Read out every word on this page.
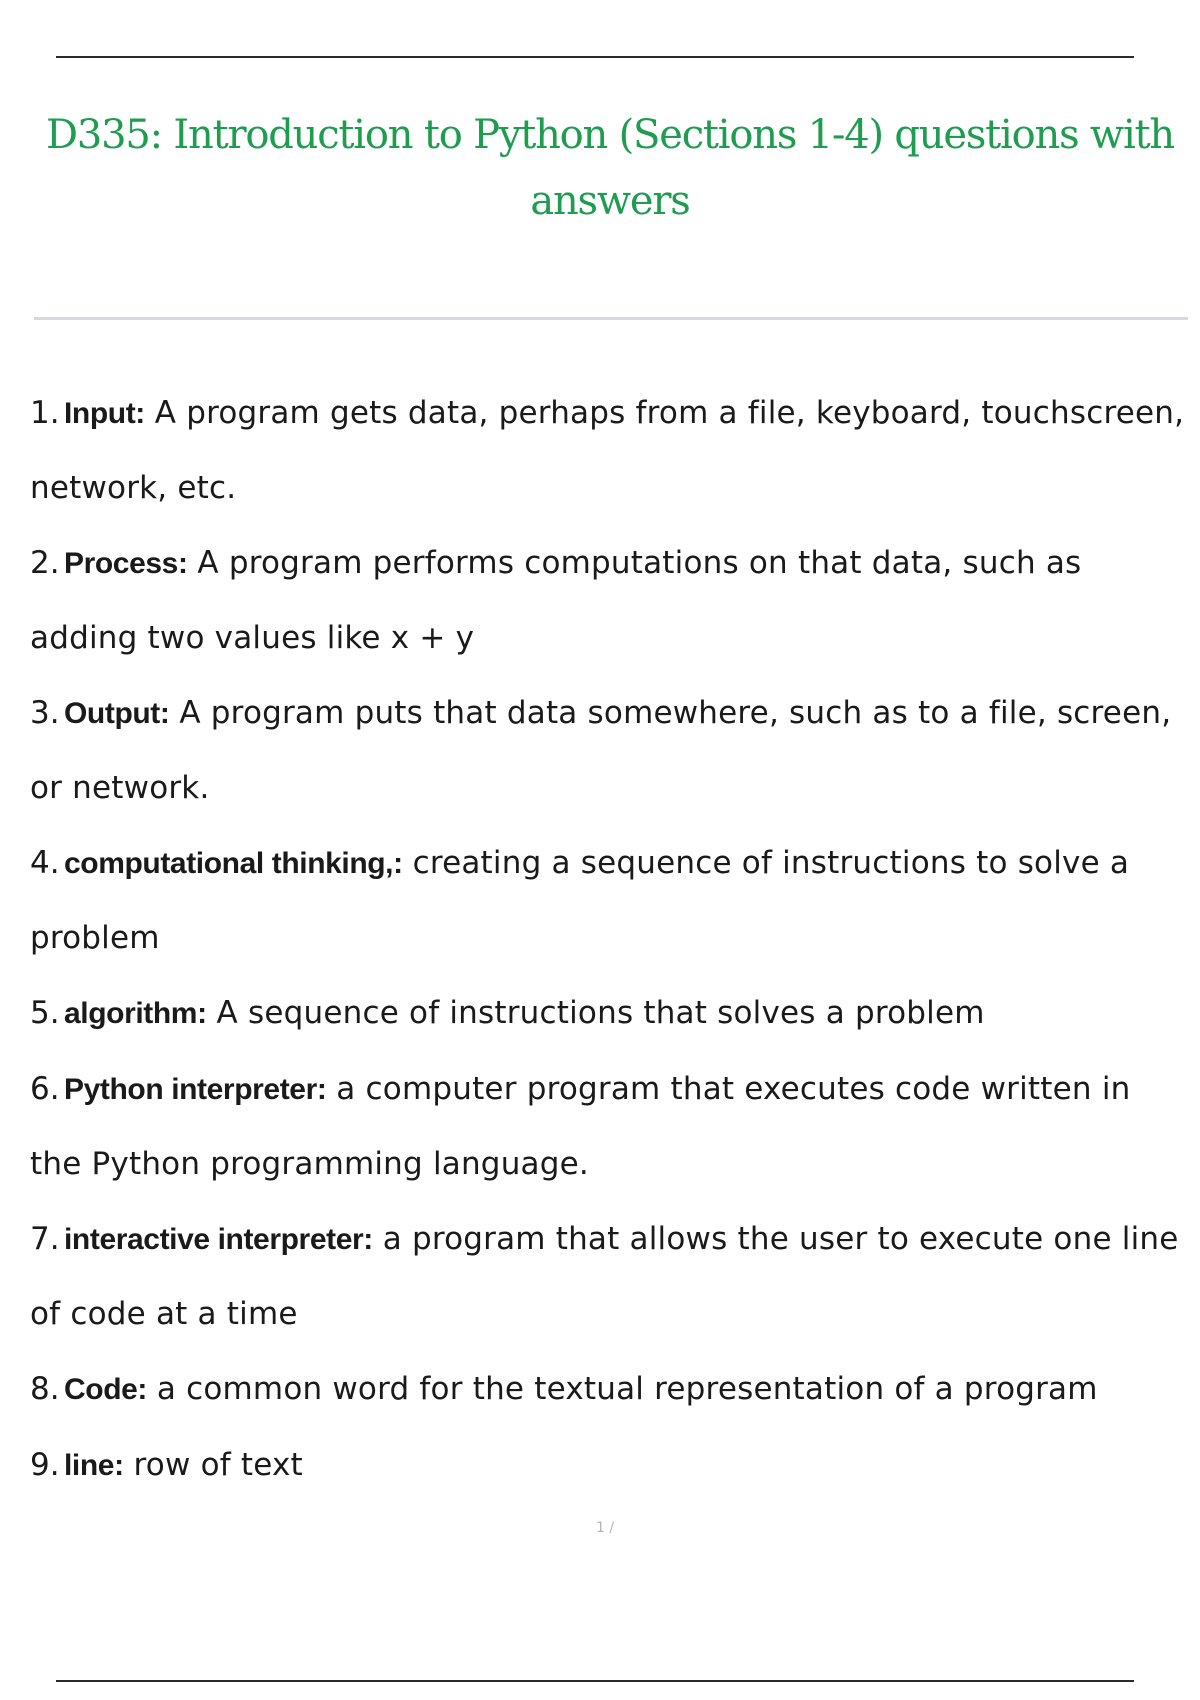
D335: Introduction to Python (Sections 1-4) questions with answers
1. Input: A program gets data, perhaps from a file, keyboard, touchscreen, network, etc.
2. Process: A program performs computations on that data, such as adding two values like x + y
3. Output: A program puts that data somewhere, such as to a file, screen, or network.
4. computational thinking,: creating a sequence of instructions to solve a problem
5. algorithm: A sequence of instructions that solves a problem
6. Python interpreter: a computer program that executes code written in the Python programming language.
7. interactive interpreter: a program that allows the user to execute one line of code at a time
8. Code: a common word for the textual representation of a program
9. line: row of text
1 /
